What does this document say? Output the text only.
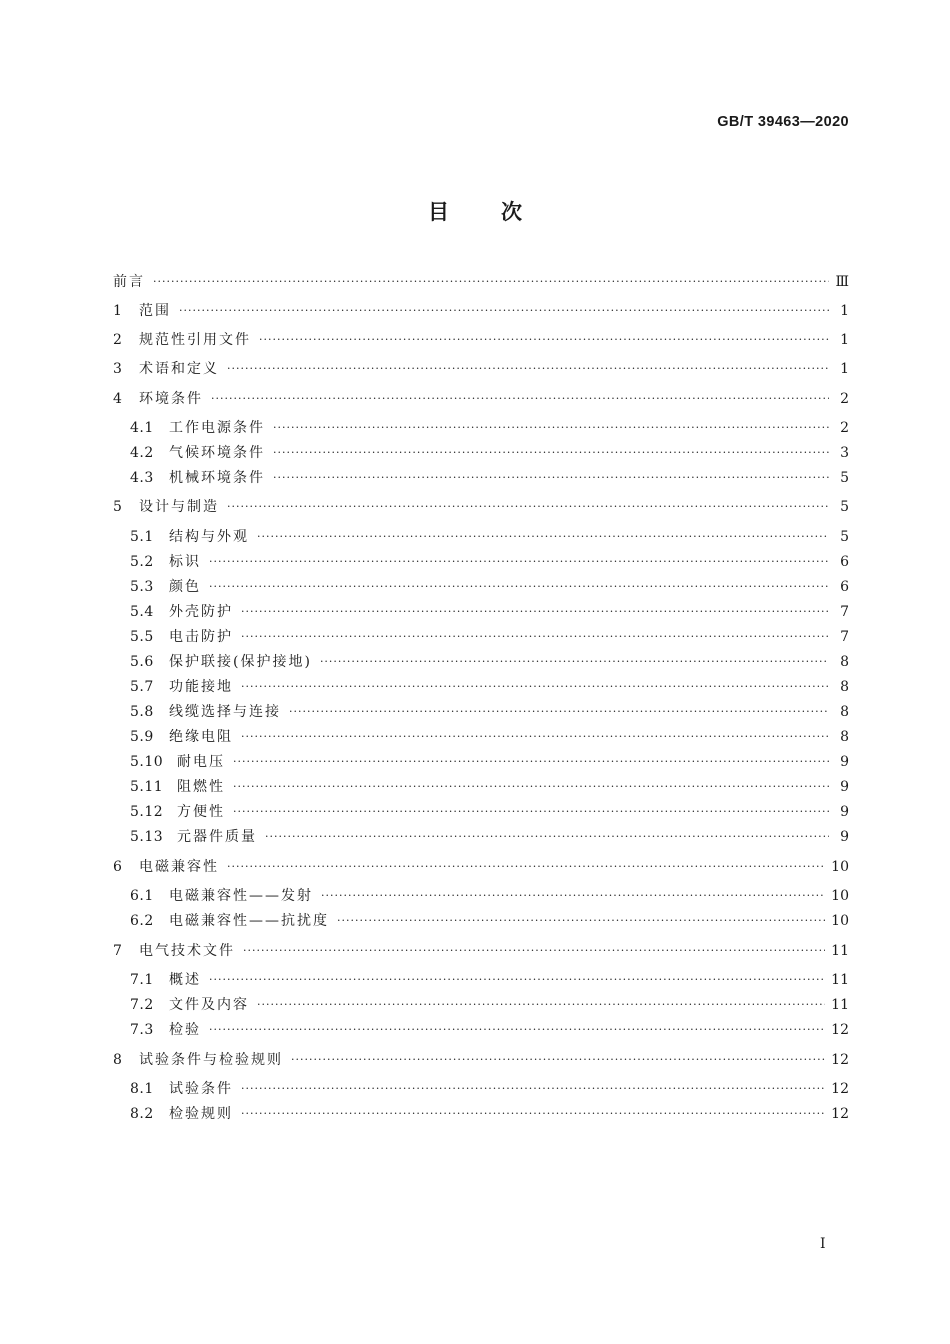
GB/T 39463—2020
目 次
前言 ·····	Ⅲ
1	范围 ·····	1
2	规范性引用文件 ·····	1
3	术语和定义 ·····	1
4	环境条件 ·····	2
4.1	工作电源条件 ·····	2
4.2	气候环境条件 ·····	3
4.3	机械环境条件 ·····	5
5	设计与制造 ·····	5
5.1	结构与外观 ·····	5
5.2	标识 ·····	6
5.3	颜色 ·····	6
5.4	外壳防护 ·····	7
5.5	电击防护 ·····	7
5.6	保护联接(保护接地) ·····	8
5.7	功能接地 ·····	8
5.8	线缆选择与连接 ·····	8
5.9	绝缘电阻 ·····	8
5.10 耐电压 ·····	9
5.11 阻燃性 ·····	9
5.12 方便性 ·····	9
5.13 元器件质量 ·····	9
6	电磁兼容性 ·····	10
6.1	电磁兼容性——发射 ·····	10
6.2	电磁兼容性——抗扰度 ·····	10
7	电气技术文件 ·····	11
7.1	概述 ·····	11
7.2	文件及内容 ·····	11
7.3	检验 ·····	12
8	试验条件与检验规则 ·····	12
8.1	试验条件 ·····	12
8.2	检验规则 ·····	12
I
